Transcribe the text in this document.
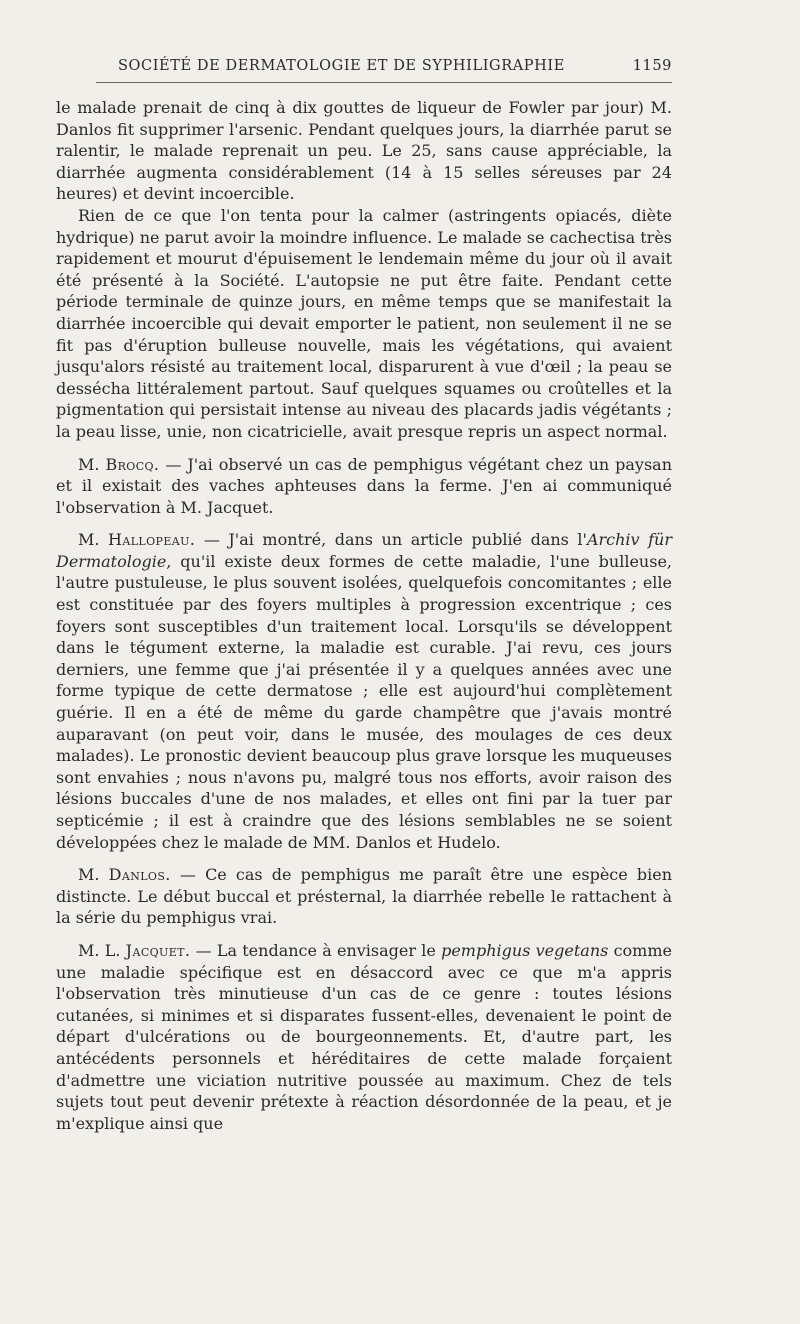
SOCIÉTÉ DE DERMATOLOGIE ET DE SYPHILIGRAPHIE	1159

le malade prenait de cinq à dix gouttes de liqueur de Fowler par jour) M. Danlos fit supprimer l'arsenic. Pendant quelques jours, la diarrhée parut se ralentir, le malade reprenait un peu. Le 25, sans cause appréciable, la diarrhée augmenta considérablement (14 à 15 selles séreuses par 24 heures) et devint incoercible.

Rien de ce que l'on tenta pour la calmer (astringents opiacés, diète hydrique) ne parut avoir la moindre influence. Le malade se cachectisa très rapidement et mourut d'épuisement le lendemain même du jour où il avait été présenté à la Société. L'autopsie ne put être faite. Pendant cette période terminale de quinze jours, en même temps que se manifestait la diarrhée incoercible qui devait emporter le patient, non seulement il ne se fit pas d'éruption bulleuse nouvelle, mais les végétations, qui avaient jusqu'alors résisté au traitement local, disparurent à vue d'œil ; la peau se dessécha littéralement partout. Sauf quelques squames ou croûtelles et la pigmentation qui persistait intense au niveau des placards jadis végétants ; la peau lisse, unie, non cicatricielle, avait presque repris un aspect normal.

M. Brocq. — J'ai observé un cas de pemphigus végétant chez un paysan et il existait des vaches aphteuses dans la ferme. J'en ai communiqué l'observation à M. Jacquet.

M. Hallopeau. — J'ai montré, dans un article publié dans l'Archiv für Dermatologie, qu'il existe deux formes de cette maladie, l'une bulleuse, l'autre pustuleuse, le plus souvent isolées, quelquefois concomitantes ; elle est constituée par des foyers multiples à progression excentrique ; ces foyers sont susceptibles d'un traitement local. Lorsqu'ils se développent dans le tégument externe, la maladie est curable. J'ai revu, ces jours derniers, une femme que j'ai présentée il y a quelques années avec une forme typique de cette dermatose ; elle est aujourd'hui complètement guérie. Il en a été de même du garde champêtre que j'avais montré auparavant (on peut voir, dans le musée, des moulages de ces deux malades). Le pronostic devient beaucoup plus grave lorsque les muqueuses sont envahies ; nous n'avons pu, malgré tous nos efforts, avoir raison des lésions buccales d'une de nos malades, et elles ont fini par la tuer par septicémie ; il est à craindre que des lésions semblables ne se soient développées chez le malade de MM. Danlos et Hudelo.

M. Danlos. — Ce cas de pemphigus me paraît être une espèce bien distincte. Le début buccal et présternal, la diarrhée rebelle le rattachent à la série du pemphigus vrai.

M. L. Jacquet. — La tendance à envisager le pemphigus vegetans comme une maladie spécifique est en désaccord avec ce que m'a appris l'observation très minutieuse d'un cas de ce genre : toutes lésions cutanées, si minimes et si disparates fussent-elles, devenaient le point de départ d'ulcérations ou de bourgeonnements. Et, d'autre part, les antécédents personnels et héréditaires de cette malade forçaient d'admettre une viciation nutritive poussée au maximum. Chez de tels sujets tout peut devenir prétexte à réaction désordonnée de la peau, et je m'explique ainsi que
